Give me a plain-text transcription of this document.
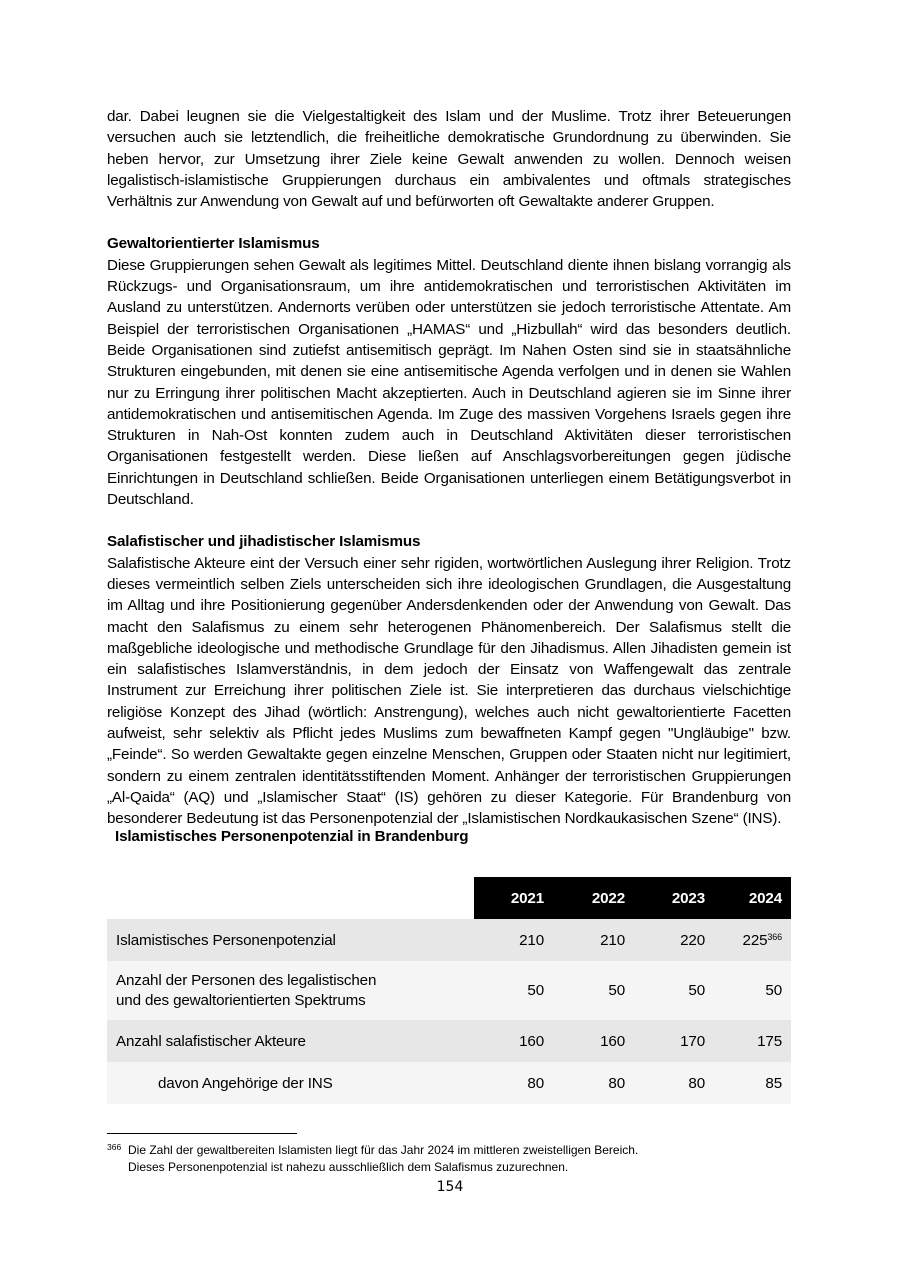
dar. Dabei leugnen sie die Vielgestaltigkeit des Islam und der Muslime. Trotz ihrer Beteuerungen versuchen auch sie letztendlich, die freiheitliche demokratische Grundordnung zu überwinden. Sie heben hervor, zur Umsetzung ihrer Ziele keine Gewalt anwenden zu wollen. Dennoch weisen legalistisch-islamistische Gruppierungen durchaus ein ambivalentes und oftmals strategisches Verhältnis zur Anwendung von Gewalt auf und befürworten oft Gewaltakte anderer Gruppen.

Gewaltorientierter Islamismus

Diese Gruppierungen sehen Gewalt als legitimes Mittel. Deutschland diente ihnen bislang vorrangig als Rückzugs- und Organisationsraum, um ihre antidemokratischen und terroristischen Aktivitäten im Ausland zu unterstützen. Andernorts verüben oder unterstützen sie jedoch terroristische Attentate. Am Beispiel der terroristischen Organisationen „HAMAS“ und „Hizbullah“ wird das besonders deutlich. Beide Organisationen sind zutiefst antisemitisch geprägt. Im Nahen Osten sind sie in staatsähnliche Strukturen eingebunden, mit denen sie eine antisemitische Agenda verfolgen und in denen sie Wahlen nur zu Erringung ihrer politischen Macht akzeptierten. Auch in Deutschland agieren sie im Sinne ihrer antidemokratischen und antisemitischen Agenda. Im Zuge des massiven Vorgehens Israels gegen ihre Strukturen in Nah-Ost konnten zudem auch in Deutschland Aktivitäten dieser terroristischen Organisationen festgestellt werden. Diese ließen auf Anschlagsvorbereitungen gegen jüdische Einrichtungen in Deutschland schließen. Beide Organisationen unterliegen einem Betätigungsverbot in Deutschland.

Salafistischer und jihadistischer Islamismus

Salafistische Akteure eint der Versuch einer sehr rigiden, wortwörtlichen Auslegung ihrer Religion. Trotz dieses vermeintlich selben Ziels unterscheiden sich ihre ideologischen Grundlagen, die Ausgestaltung im Alltag und ihre Positionierung gegenüber Andersdenkenden oder der Anwendung von Gewalt. Das macht den Salafismus zu einem sehr heterogenen Phänomenbereich. Der Salafismus stellt die maßgebliche ideologische und methodische Grundlage für den Jihadismus. Allen Jihadisten gemein ist ein salafistisches Islamverständnis, in dem jedoch der Einsatz von Waffengewalt das zentrale Instrument zur Erreichung ihrer politischen Ziele ist. Sie interpretieren das durchaus vielschichtige religiöse Konzept des Jihad (wörtlich: Anstrengung), welches auch nicht gewaltorientierte Facetten aufweist, sehr selektiv als Pflicht jedes Muslims zum bewaffneten Kampf gegen "Ungläubige" bzw. „Feinde“. So werden Gewaltakte gegen einzelne Menschen, Gruppen oder Staaten nicht nur legitimiert, sondern zu einem zentralen identitätsstiftenden Moment. Anhänger der terroristischen Gruppierungen „Al-Qaida“ (AQ) und „Islamischer Staat“ (IS) gehören zu dieser Kategorie. Für Brandenburg von besonderer Bedeutung ist das Personenpotenzial der „Islamistischen Nordkaukasischen Szene“ (INS).

Islamistisches Personenpotenzial in Brandenburg
	2021	2022	2023	2024
Islamistisches Personenpotenzial	210	210	220	$225^{366}$
Anzahl der Personen des legalistischen
und des gewaltorientierten Spektrums	50	50	50	50
Anzahl salafistischer Akteure	160	160	170	175
davon Angehörige der INS	80	80	80	85
366 Die Zahl der gewaltbereiten Islamisten liegt für das Jahr 2024 im mittleren zweistelligen Bereich.
Dieses Personenpotenzial ist nahezu ausschließlich dem Salafismus zuzurechnen.
154
